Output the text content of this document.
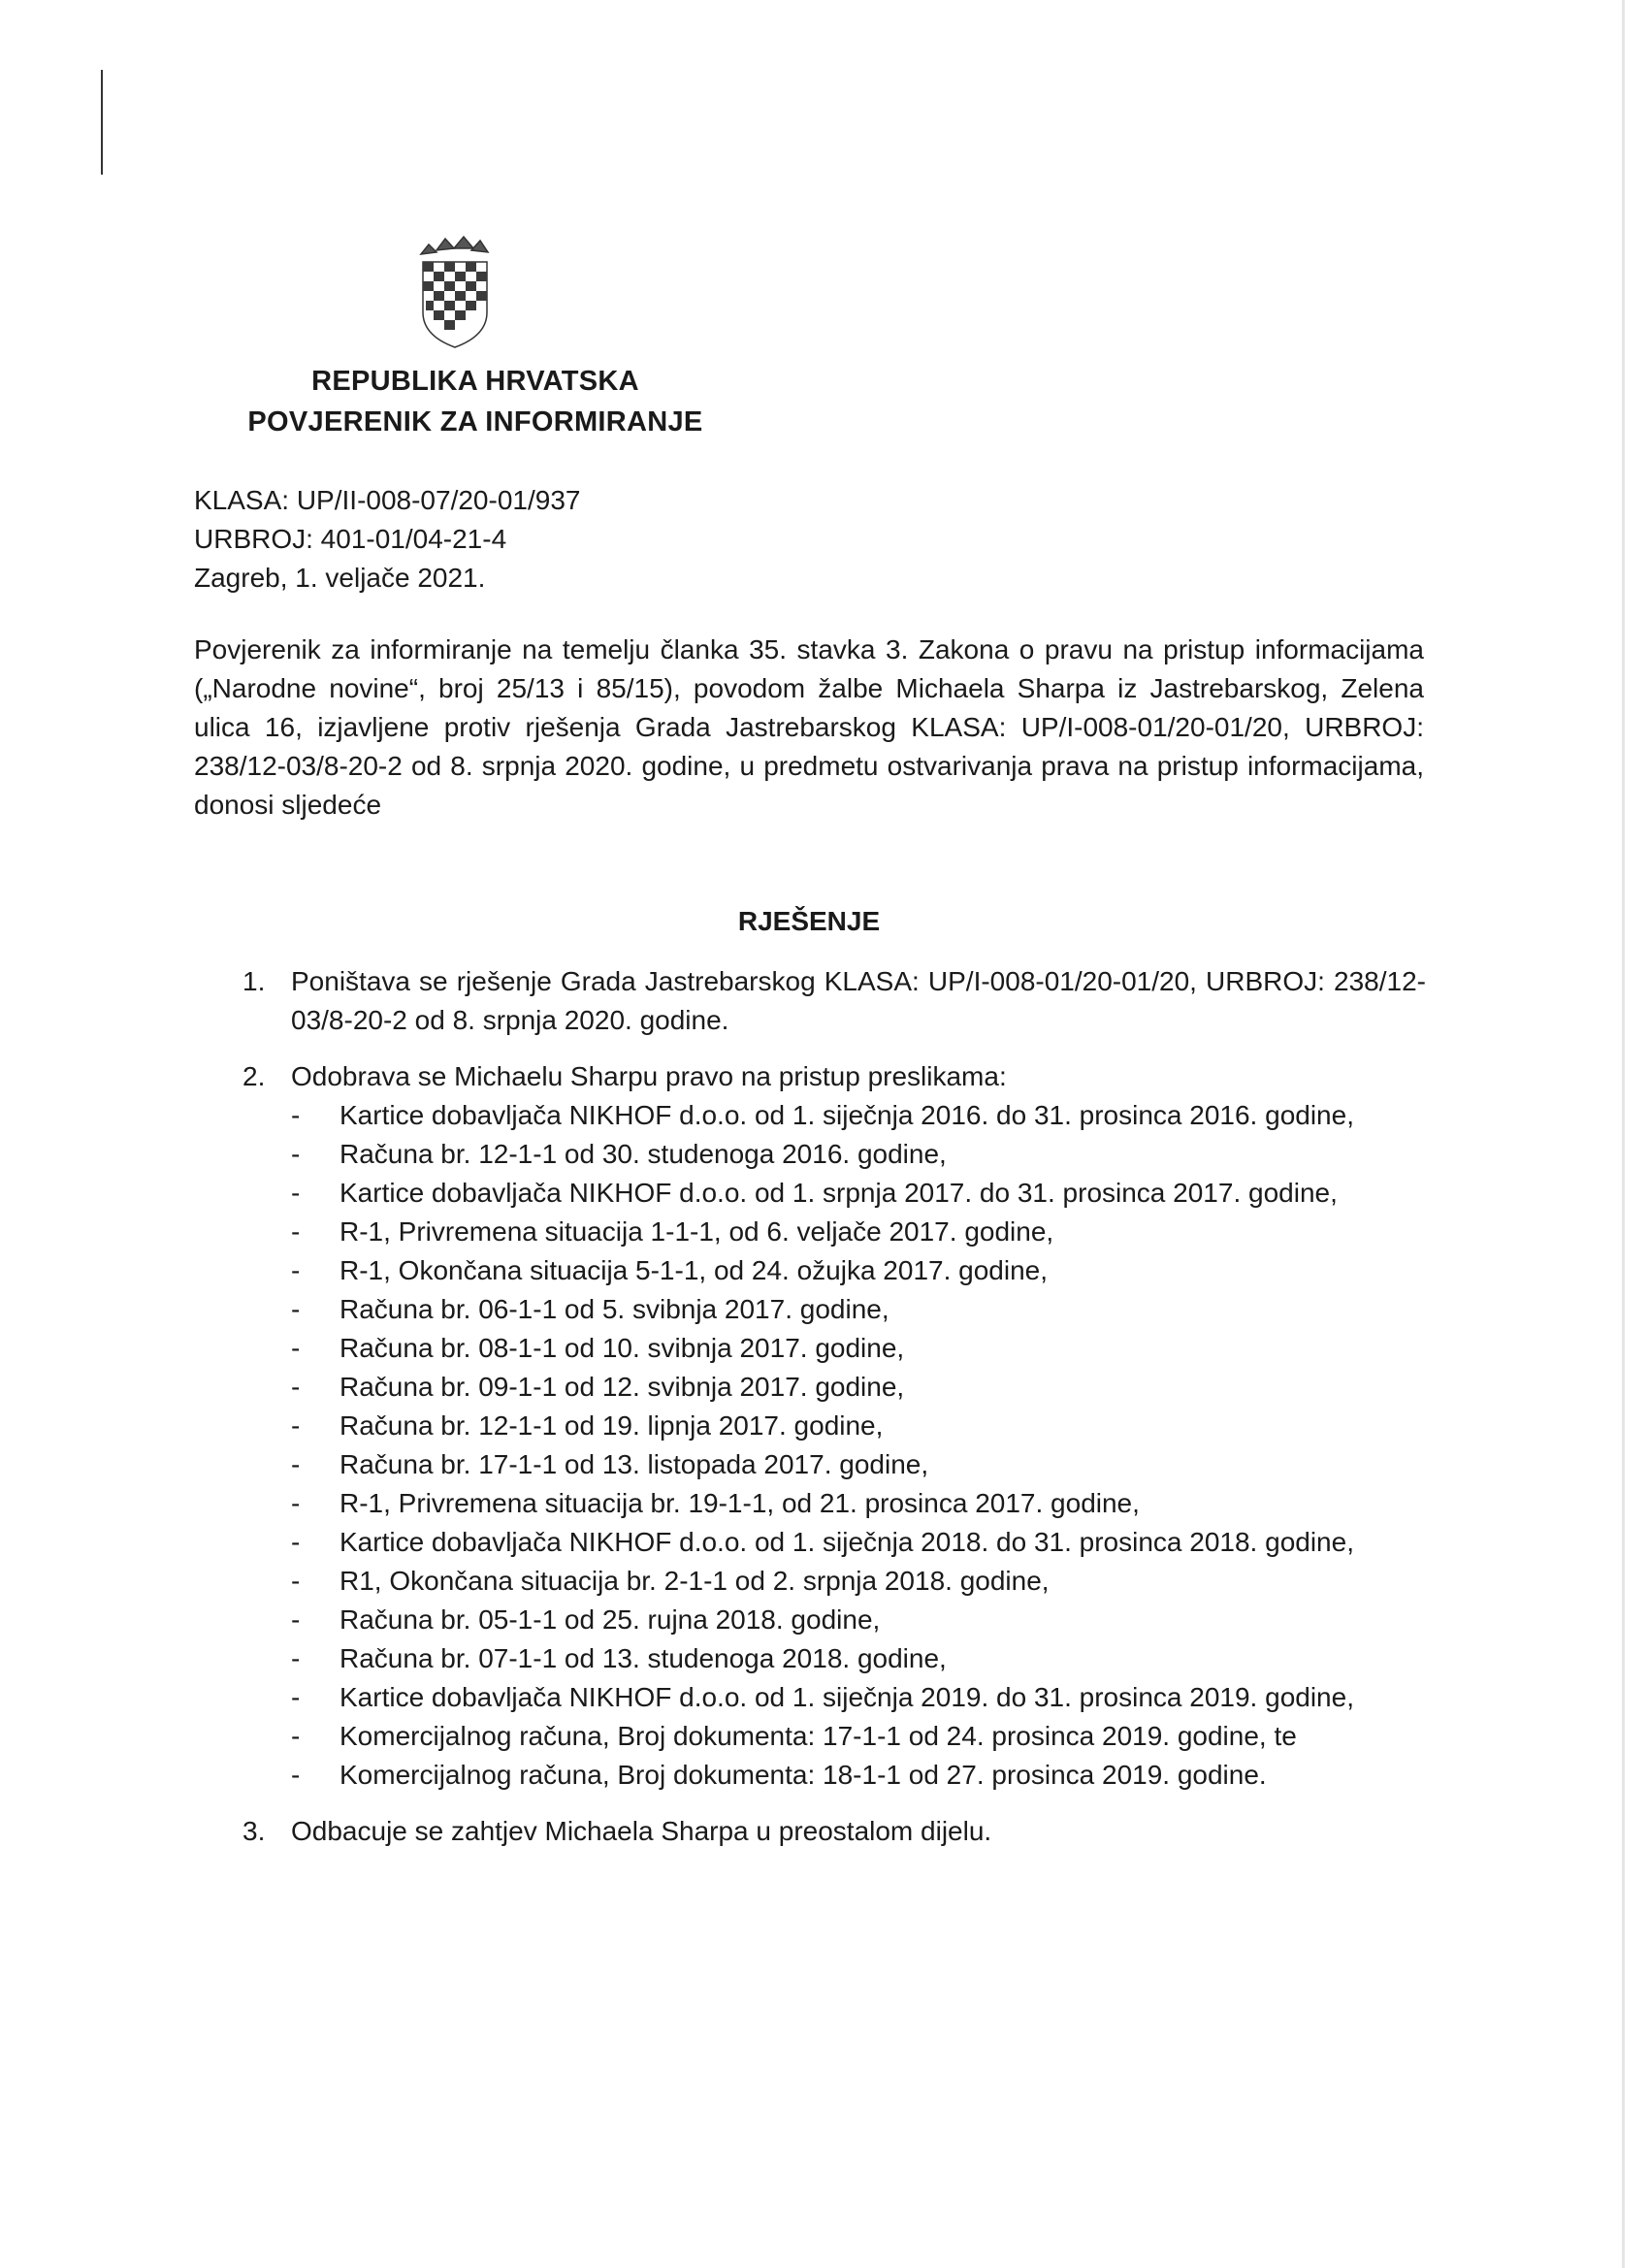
REPUBLIKA HRVATSKA
POVJERENIK ZA INFORMIRANJE
KLASA: UP/II-008-07/20-01/937
URBROJ: 401-01/04-21-4
Zagreb, 1. veljače 2021.
Povjerenik za informiranje na temelju članka 35. stavka 3. Zakona o pravu na pristup informacijama („Narodne novine“, broj 25/13 i 85/15), povodom žalbe Michaela Sharpa iz Jastrebarskog, Zelena ulica 16, izjavljene protiv rješenja Grada Jastrebarskog KLASA: UP/I-008-01/20-01/20, URBROJ: 238/12-03/8-20-2 od 8. srpnja 2020. godine, u predmetu ostvarivanja prava na pristup informacijama, donosi sljedeće
RJEŠENJE
1. Poništava se rješenje Grada Jastrebarskog KLASA: UP/I-008-01/20-01/20, URBROJ: 238/12-03/8-20-2 od 8. srpnja 2020. godine.
2. Odobrava se Michaelu Sharpu pravo na pristup preslikama:
- Kartice dobavljača NIKHOF d.o.o. od 1. siječnja 2016. do 31. prosinca 2016. godine,
- Računa br. 12-1-1 od 30. studenoga 2016. godine,
- Kartice dobavljača NIKHOF d.o.o. od 1. srpnja 2017. do 31. prosinca 2017. godine,
- R-1, Privremena situacija 1-1-1, od 6. veljače 2017. godine,
- R-1, Okončana situacija 5-1-1, od 24. ožujka 2017. godine,
- Računa br. 06-1-1 od 5. svibnja 2017. godine,
- Računa br. 08-1-1 od 10. svibnja 2017. godine,
- Računa br. 09-1-1 od 12. svibnja 2017. godine,
- Računa br. 12-1-1 od 19. lipnja 2017. godine,
- Računa br. 17-1-1 od 13. listopada 2017. godine,
- R-1, Privremena situacija br. 19-1-1, od 21. prosinca 2017. godine,
- Kartice dobavljača NIKHOF d.o.o. od 1. siječnja 2018. do 31. prosinca 2018. godine,
- R1, Okončana situacija br. 2-1-1 od 2. srpnja 2018. godine,
- Računa br. 05-1-1 od 25. rujna 2018. godine,
- Računa br. 07-1-1 od 13. studenoga 2018. godine,
- Kartice dobavljača NIKHOF d.o.o. od 1. siječnja 2019. do 31. prosinca 2019. godine,
- Komercijalnog računa, Broj dokumenta: 17-1-1 od 24. prosinca 2019. godine, te
- Komercijalnog računa, Broj dokumenta: 18-1-1 od 27. prosinca 2019. godine.
3. Odbacuje se zahtjev Michaela Sharpa u preostalom dijelu.
